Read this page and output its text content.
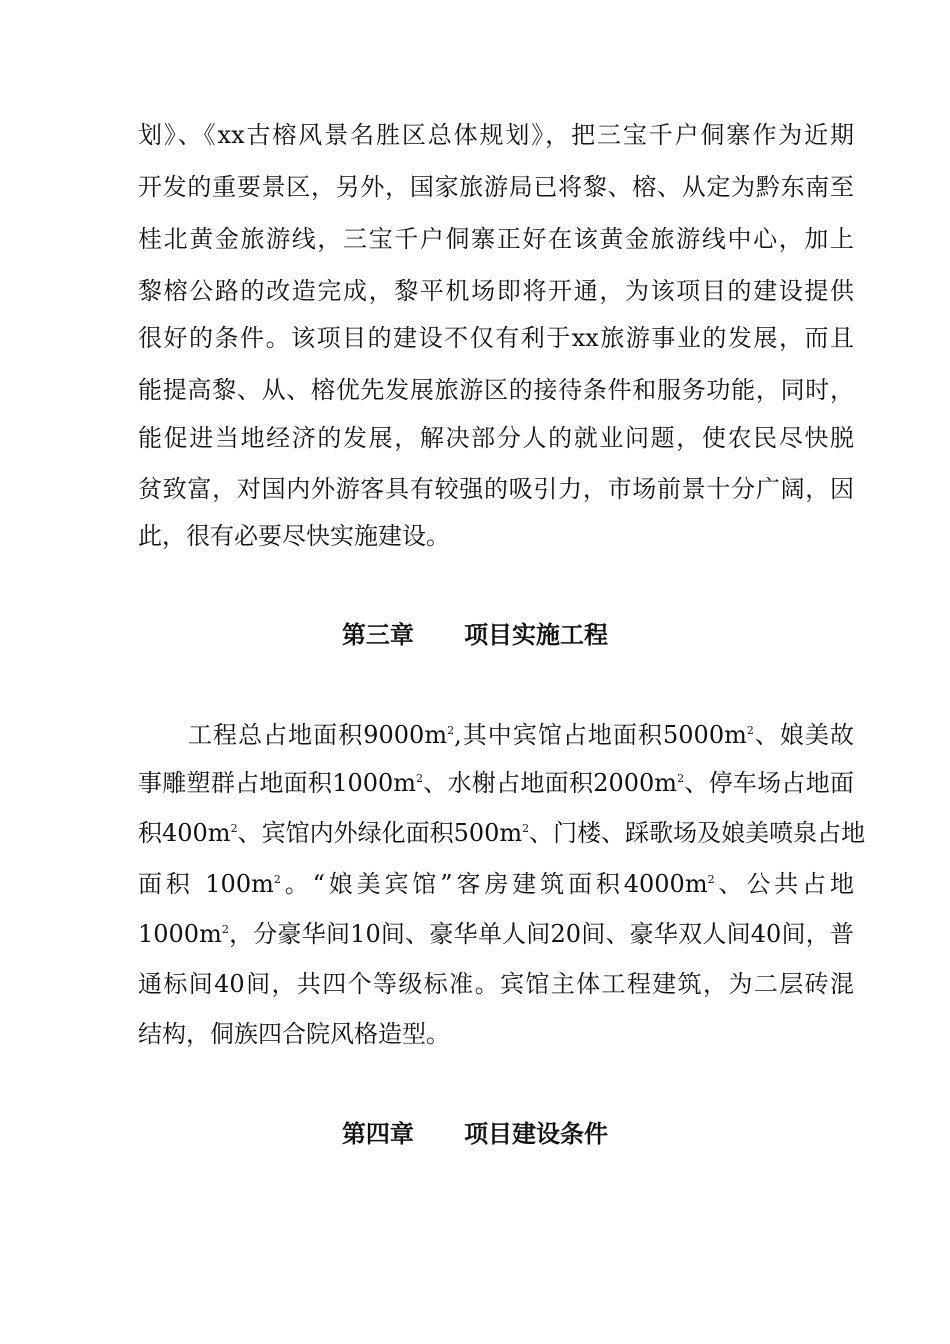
划》、《xx古榕风景名胜区总体规划》，把三宝千户侗寨作为近期
开发的重要景区，另外，国家旅游局已将黎、榕、从定为黔东南至
桂北黄金旅游线，三宝千户侗寨正好在该黄金旅游线中心，加上
黎榕公路的改造完成，黎平机场即将开通，为该项目的建设提供
很好的条件。该项目的建设不仅有利于xx旅游事业的发展，而且
能提高黎、从、榕优先发展旅游区的接待条件和服务功能，同时，
能促进当地经济的发展，解决部分人的就业问题，使农民尽快脱
贫致富，对国内外游客具有较强的吸引力，市场前景十分广阔，因
此，很有必要尽快实施建设。
第三章 项目实施工程
工程总占地面积$9000m^2$,其中宾馆占地面积$5000m^2$、娘美故
事雕塑群占地面积$1000m^2$、水榭占地面积$2000m^2$、停车场占地面
积$400m^2$、宾馆内外绿化面积$500m^2$、门楼、踩歌场及娘美喷泉占地
面积 $100m^2$。“娘美宾馆”客房建筑面积$4000m^2$、公共占地
$1000m^2$，分豪华间10间、豪华单人间20间、豪华双人间40间，普
通标间40间，共四个等级标准。宾馆主体工程建筑，为二层砖混
结构，侗族四合院风格造型。
第四章 项目建设条件
